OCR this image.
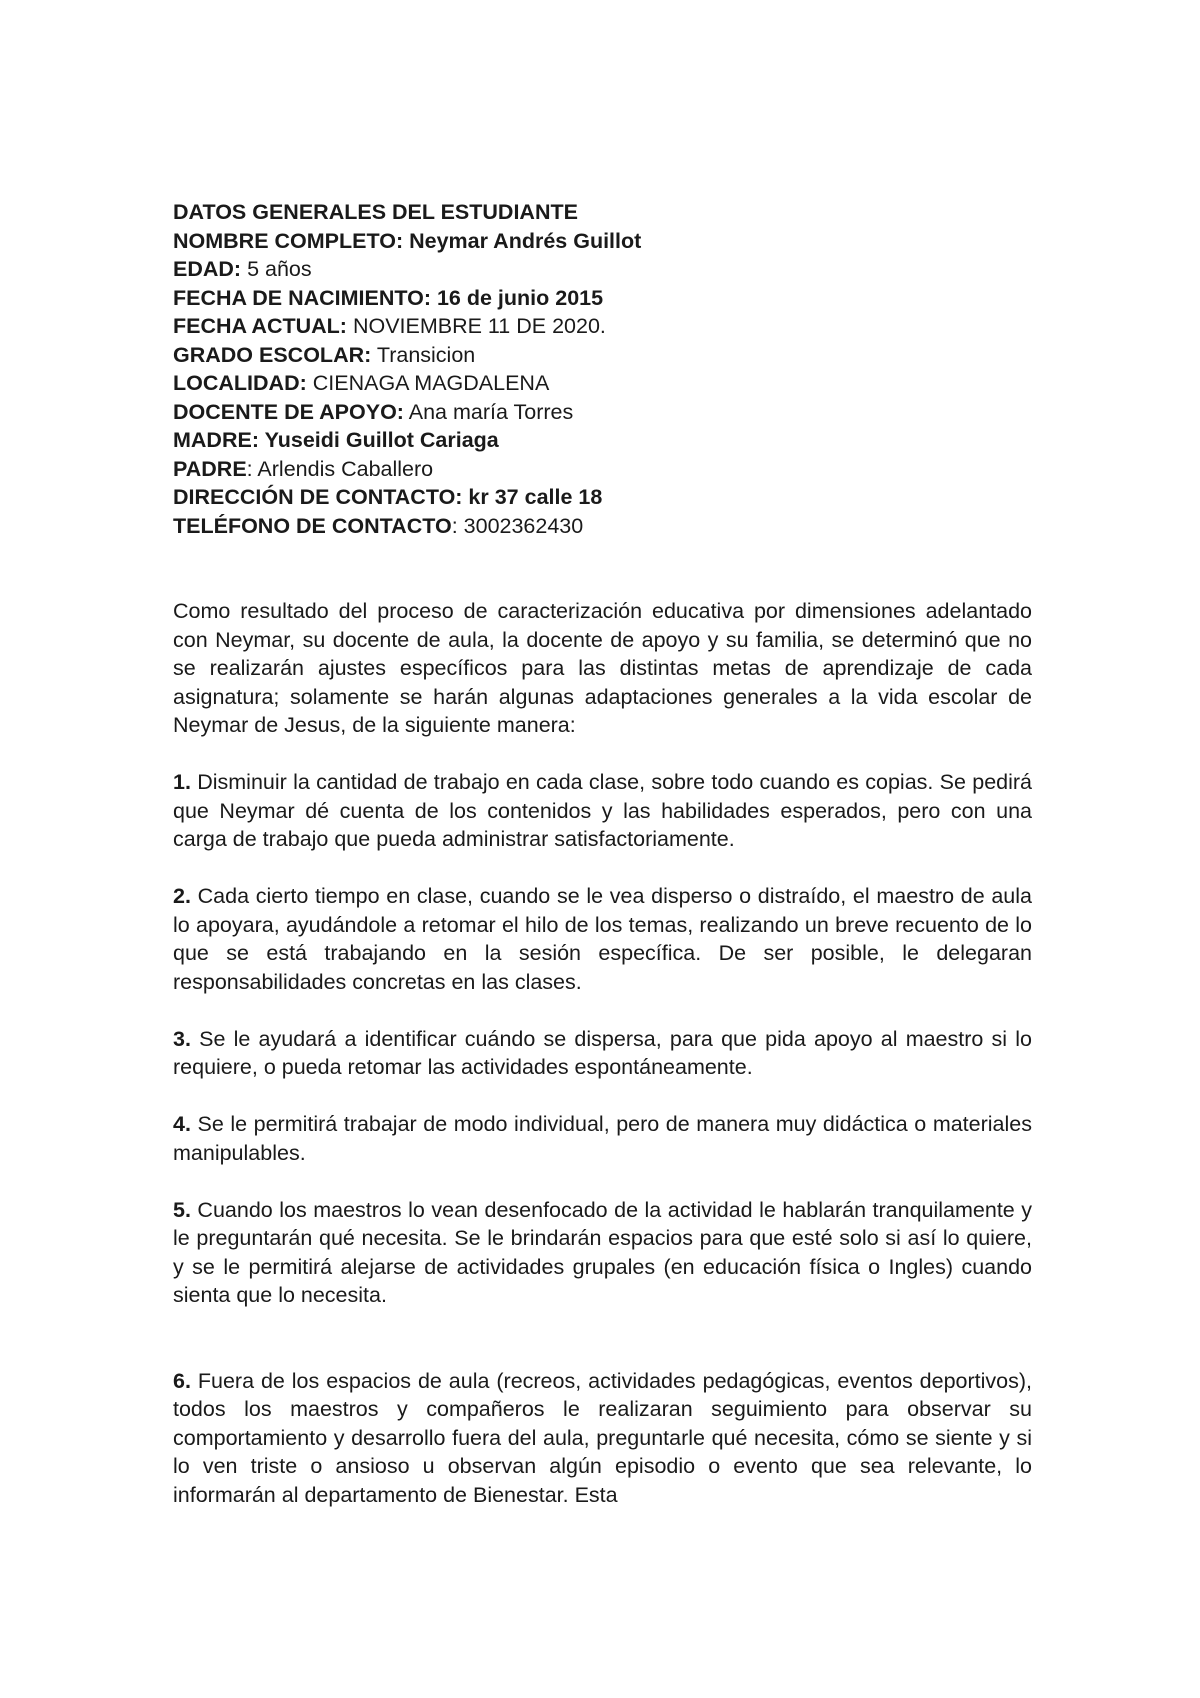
DATOS GENERALES DEL ESTUDIANTE

NOMBRE COMPLETO: Neymar Andrés Guillot

EDAD: 5 años

FECHA DE NACIMIENTO: 16 de junio 2015

FECHA ACTUAL: NOVIEMBRE 11 DE 2020.

GRADO ESCOLAR: Transicion

LOCALIDAD: CIENAGA MAGDALENA

DOCENTE DE APOYO: Ana maría Torres

MADRE: Yuseidi Guillot Cariaga

PADRE: Arlendis Caballero

DIRECCIÓN DE CONTACTO: kr 37 calle 18

TELÉFONO DE CONTACTO: 3002362430

Como resultado del proceso de caracterización educativa por dimensiones adelantado con Neymar, su docente de aula, la docente de apoyo y su familia, se determinó que no se realizarán ajustes específicos para las distintas metas de aprendizaje de cada asignatura; solamente se harán algunas adaptaciones generales a la vida escolar de Neymar de Jesus, de la siguiente manera:

1. Disminuir la cantidad de trabajo en cada clase, sobre todo cuando es copias. Se pedirá que Neymar dé cuenta de los contenidos y las habilidades esperados, pero con una carga de trabajo que pueda administrar satisfactoriamente.

2. Cada cierto tiempo en clase, cuando se le vea disperso o distraído, el maestro de aula lo apoyara, ayudándole a retomar el hilo de los temas, realizando un breve recuento de lo que se está trabajando en la sesión específica. De ser posible, le delegaran responsabilidades concretas en las clases.

3. Se le ayudará a identificar cuándo se dispersa, para que pida apoyo al maestro si lo requiere, o pueda retomar las actividades espontáneamente.

4. Se le permitirá trabajar de modo individual, pero de manera muy didáctica o materiales manipulables.

5. Cuando los maestros lo vean desenfocado de la actividad le hablarán tranquilamente y le preguntarán qué necesita. Se le brindarán espacios para que esté solo si así lo quiere, y se le permitirá alejarse de actividades grupales (en educación física o Ingles) cuando sienta que lo necesita.

6. Fuera de los espacios de aula (recreos, actividades pedagógicas, eventos deportivos), todos los maestros y compañeros le realizaran seguimiento para observar su comportamiento y desarrollo fuera del aula, preguntarle qué necesita, cómo se siente y si lo ven triste o ansioso u observan algún episodio o evento que sea relevante, lo informarán al departamento de Bienestar. Esta
